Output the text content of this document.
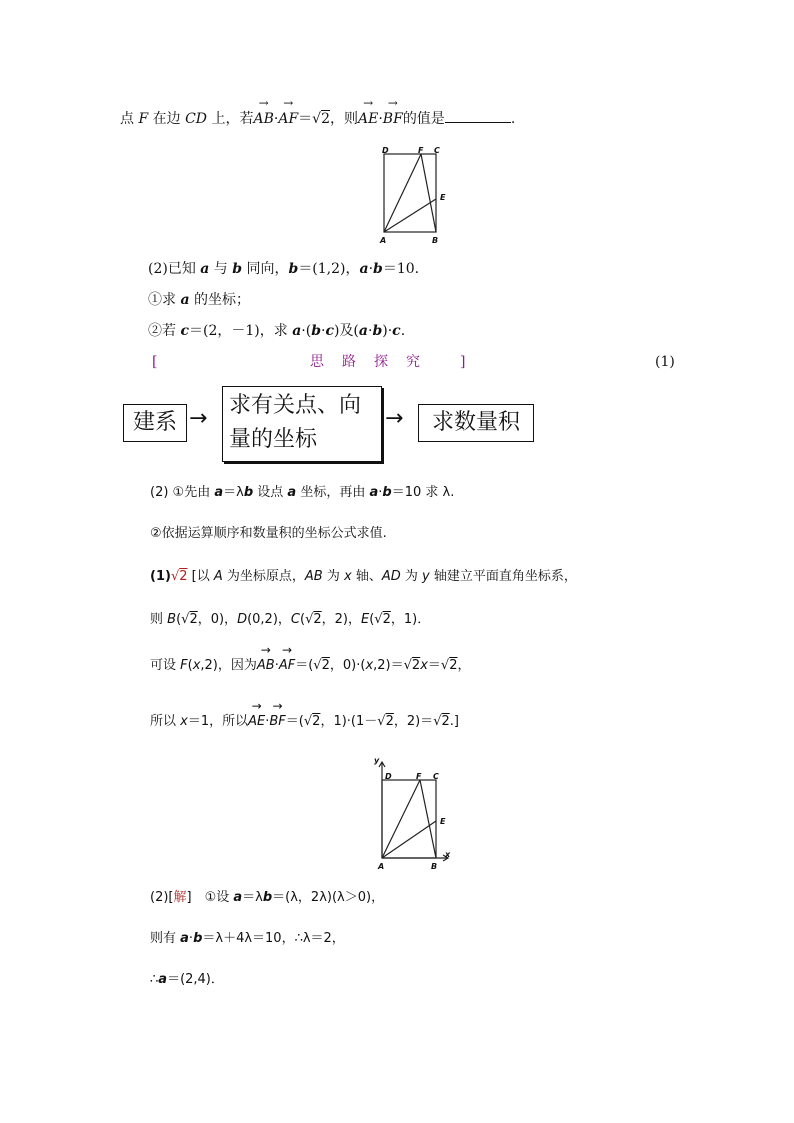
点 F 在边 CD 上，若→ AB·→ AF＝√2，则→ AE·→ BF的值是	.
D	F C
E
A	B
(2)已知 a 与 b 同向，b＝(1,2)，a·b＝10.
①求 a 的坐标；
②若 c＝(2，－1)，求 a·(b·c)及(a·b)·c.
[	思　路　探　究	]	(1)
建系 →
求有关点、向
量的坐标
→	求数量积
(2) ①先由 a＝λb 设点 a 坐标，再由 a·b＝10 求 λ.
②依据运算顺序和数量积的坐标公式求值.
(1)√2 [以 A 为坐标原点，AB 为 x 轴、AD 为 y 轴建立平面直角坐标系，
则 B(√2，0)，D(0,2)，C(√2，2)，E(√2，1)．
可设 F(x,2)，因为→ AB·→ AF＝(√2，0)·(x,2)＝√2x＝√2，
所以 x＝1，所以→ AE·→ BF＝(√2，1)·(1－√2，2)＝√2.]
y
D	F C
E
x
A	B
(2)[解]　①设 a＝λb＝(λ，2λ)(λ＞0)，
则有 a·b＝λ＋4λ＝10，∴λ＝2，
∴a＝(2,4)．
